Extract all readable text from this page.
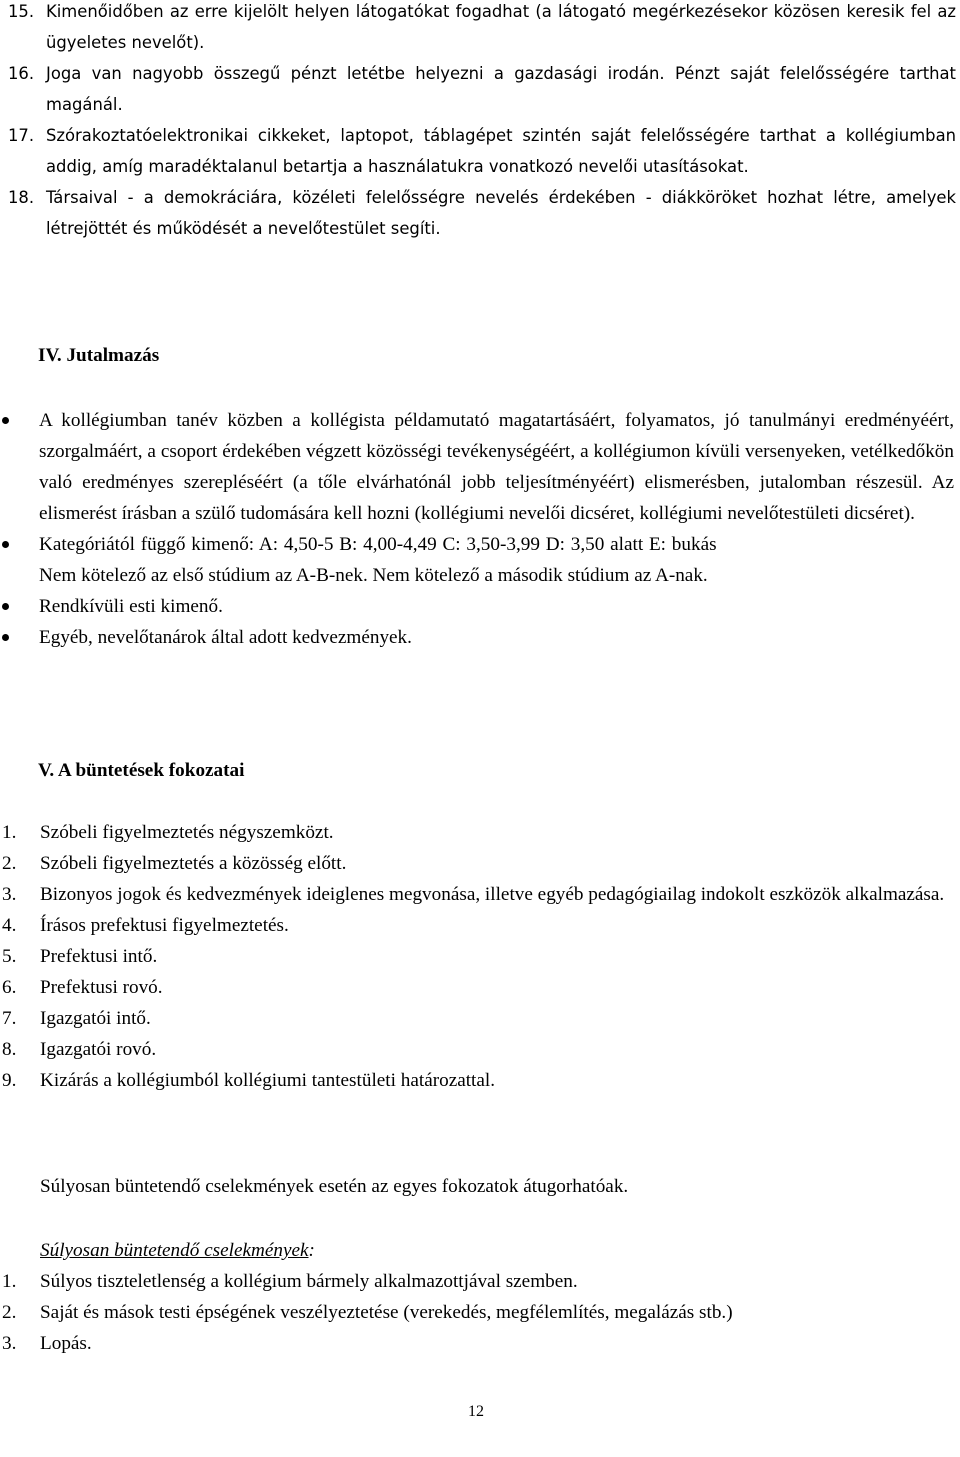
15. Kimenőidőben az erre kijelölt helyen látogatókat fogadhat (a látogató megérkezésekor közösen keresik fel az ügyeletes nevelőt).

16. Joga van nagyobb összegű pénzt letétbe helyezni a gazdasági irodán. Pénzt saját felelősségére tarthat magánál.

17. Szórakoztatóelektronikai cikkeket, laptopot, táblagépet szintén saját felelősségére tarthat a kollégiumban addig, amíg maradéktalanul betartja a használatukra vonatkozó nevelői utasításokat.

18. Társaival - a demokráciára, közéleti felelősségre nevelés érdekében - diákköröket hozhat létre, amelyek létrejöttét és működését a nevelőtestület segíti.

IV. Jutalmazás
A kollégiumban tanév közben a kollégista példamutató magatartásáért, folyamatos, jó tanulmányi eredményéért, szorgalmáért, a csoport érdekében végzett közösségi tevékenységéért, a kollégiumon kívüli versenyeken, vetélkedőkön való eredményes szerepléséért (a tőle elvárhatónál jobb teljesítményéért) elismerésben, jutalomban részesül. Az elismerést írásban a szülő tudomására kell hozni (kollégiumi nevelői dicséret, kollégiumi nevelőtestületi dicséret).
Kategóriától függő kimenő: A: 4,50-5 B: 4,00-4,49 C: 3,50-3,99 D: 3,50 alatt E: bukás
Nem kötelező az első stúdium az A-B-nek. Nem kötelező a második stúdium az A-nak.
Rendkívüli esti kimenő.
Egyéb, nevelőtanárok által adott kedvezmények.
V. A büntetések fokozatai

1. Szóbeli figyelmeztetés négyszemközt.

2. Szóbeli figyelmeztetés a közösség előtt.

3. Bizonyos jogok és kedvezmények ideiglenes megvonása, illetve egyéb pedagógiailag indokolt eszközök alkalmazása.

4. Írásos prefektusi figyelmeztetés.

5. Prefektusi intő.

6. Prefektusi rovó.

7. Igazgatói intő.

8. Igazgatói rovó.

9. Kizárás a kollégiumból kollégiumi tantestületi határozattal.

Súlyosan büntetendő cselekmények esetén az egyes fokozatok átugorhatóak.
Súlyosan büntetendő cselekmények:

1. Súlyos tiszteletlenség a kollégium bármely alkalmazottjával szemben.

2. Saját és mások testi épségének veszélyeztetése (verekedés, megfélemlítés, megalázás stb.)

3. Lopás.

12
